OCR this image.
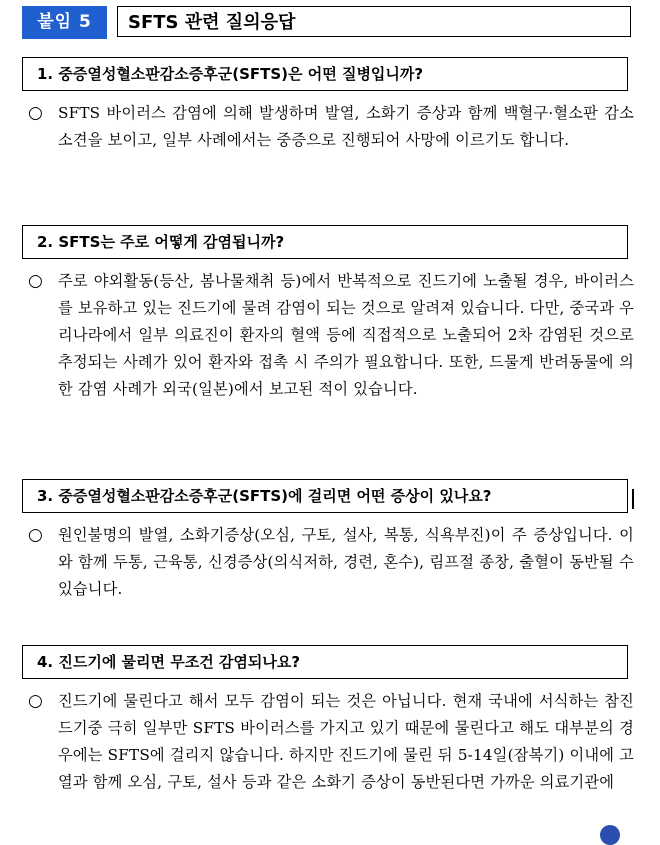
붙임 5	SFTS 관련 질의응답
1. 중증열성혈소판감소증후군(SFTS)은 어떤 질병입니까?
○ SFTS 바이러스 감염에 의해 발생하며 발열, 소화기 증상과 함께 백혈구·혈소판 감소 소견을 보이고, 일부 사례에서는 중증으로 진행되어 사망에 이르기도 합니다.
2. SFTS는 주로 어떻게 감염됩니까?
○ 주로 야외활동(등산, 봄나물채취 등)에서 반복적으로 진드기에 노출될 경우, 바이러스를 보유하고 있는 진드기에 물려 감염이 되는 것으로 알려져 있습니다. 다만, 중국과 우리나라에서 일부 의료진이 환자의 혈액 등에 직접적으로 노출되어 2차 감염된 것으로 추정되는 사례가 있어 환자와 접촉 시 주의가 필요합니다. 또한, 드물게 반려동물에 의한 감염 사례가 외국(일본)에서 보고된 적이 있습니다.
3. 중증열성혈소판감소증후군(SFTS)에 걸리면 어떤 증상이 있나요?
○ 원인불명의 발열, 소화기증상(오심, 구토, 설사, 복통, 식욕부진)이 주 증상입니다. 이와 함께 두통, 근육통, 신경증상(의식저하, 경련, 혼수), 림프절 종창, 출혈이 동반될 수 있습니다.
4. 진드기에 물리면 무조건 감염되나요?
○ 진드기에 물린다고 해서 모두 감염이 되는 것은 아닙니다. 현재 국내에 서식하는 참진드기중 극히 일부만 SFTS 바이러스를 가지고 있기 때문에 물린다고 해도 대부분의 경우에는 SFTS에 걸리지 않습니다. 하지만 진드기에 물린 뒤 5-14일(잠복기) 이내에 고열과 함께 오심, 구토, 설사 등과 같은 소화기 증상이 동반된다면 가까운 의료기관에
